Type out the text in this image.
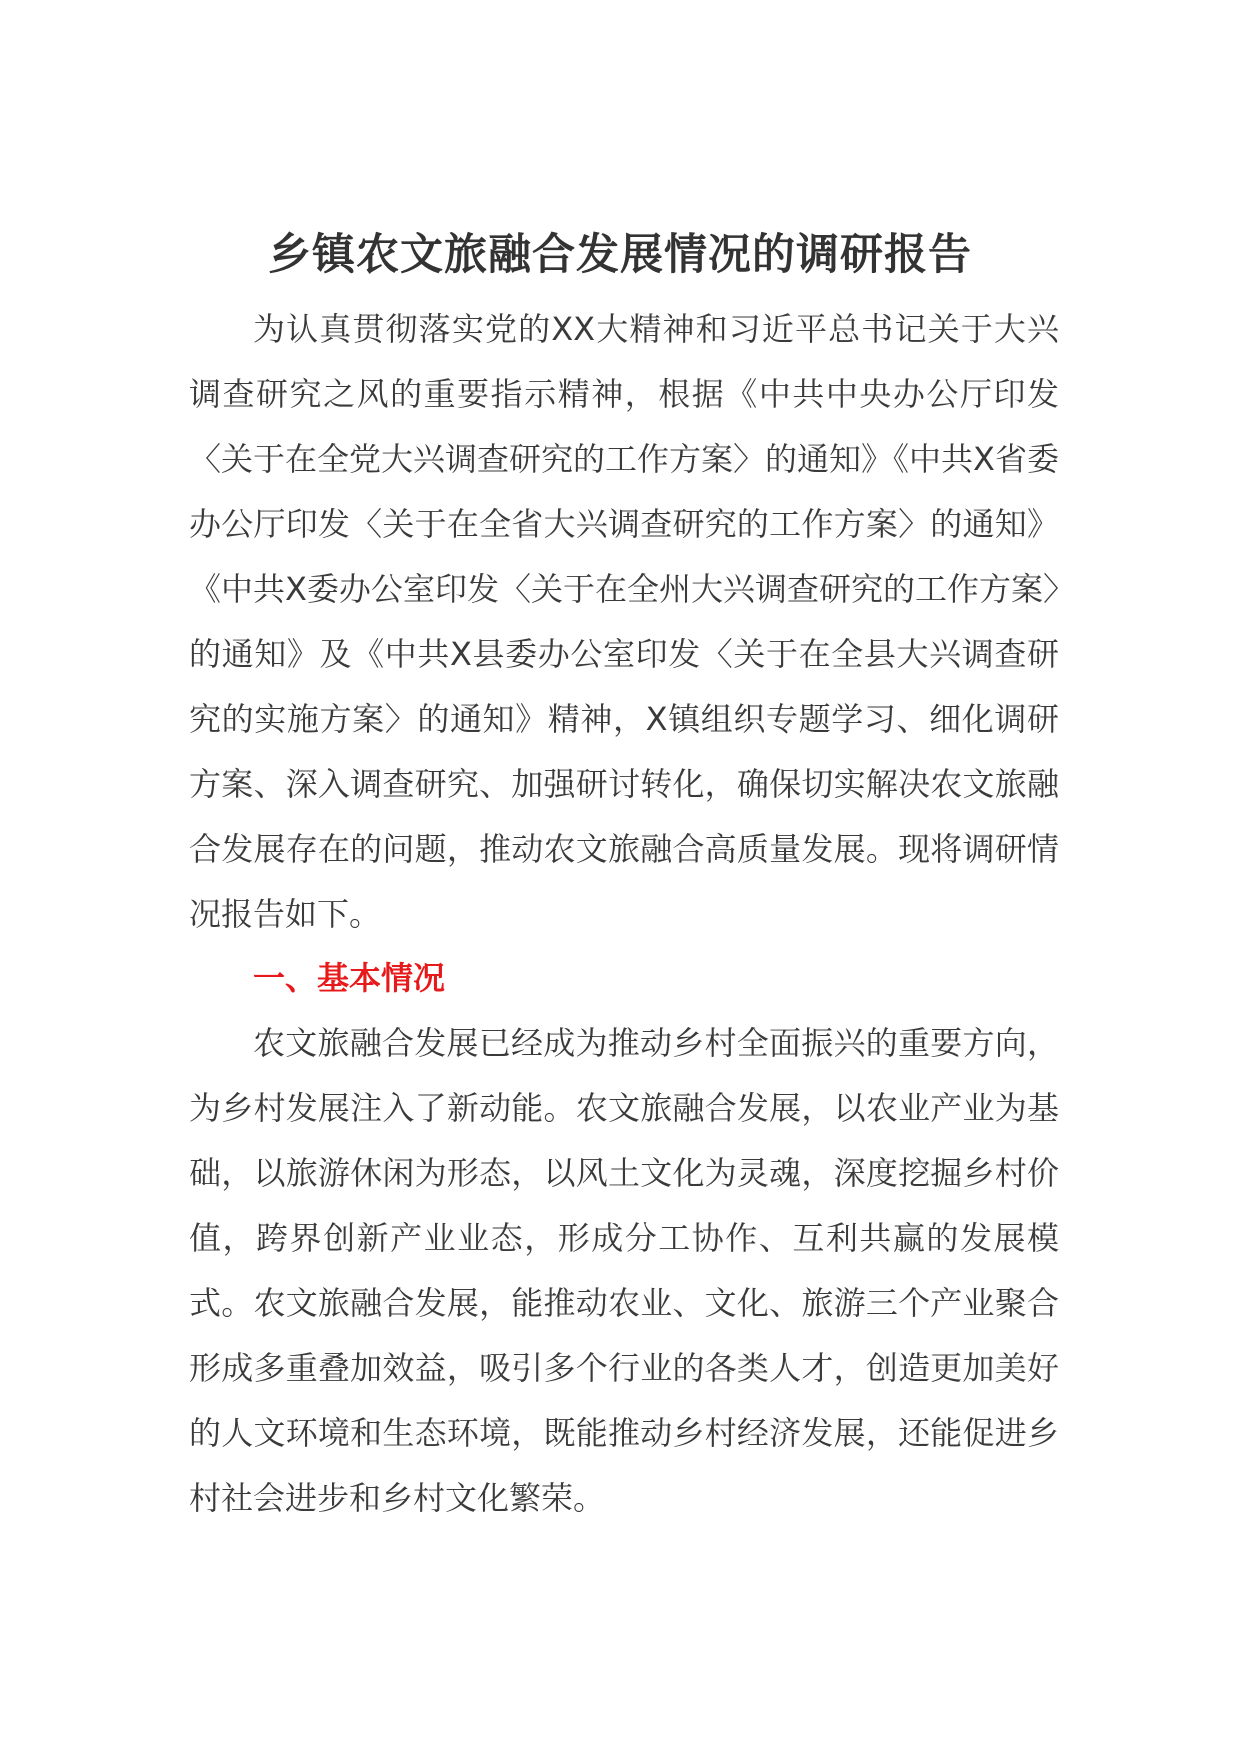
乡镇农文旅融合发展情况的调研报告

为认真贯彻落实党的XX大精神和习近平总书记关于大兴调查研究之风的重要指示精神，根据《中共中央办公厅印发〈关于在全党大兴调查研究的工作方案〉的通知》《中共X省委办公厅印发〈关于在全省大兴调查研究的工作方案〉的通知》《中共X委办公室印发〈关于在全州大兴调查研究的工作方案〉的通知》及《中共X县委办公室印发〈关于在全县大兴调查研究的实施方案〉的通知》精神，X镇组织专题学习、细化调研方案、深入调查研究、加强研讨转化，确保切实解决农文旅融合发展存在的问题，推动农文旅融合高质量发展。现将调研情况报告如下。

一、基本情况

农文旅融合发展已经成为推动乡村全面振兴的重要方向，为乡村发展注入了新动能。农文旅融合发展，以农业产业为基础，以旅游休闲为形态，以风土文化为灵魂，深度挖掘乡村价值，跨界创新产业业态，形成分工协作、互利共赢的发展模式。农文旅融合发展，能推动农业、文化、旅游三个产业聚合形成多重叠加效益，吸引多个行业的各类人才，创造更加美好的人文环境和生态环境，既能推动乡村经济发展，还能促进乡村社会进步和乡村文化繁荣。
